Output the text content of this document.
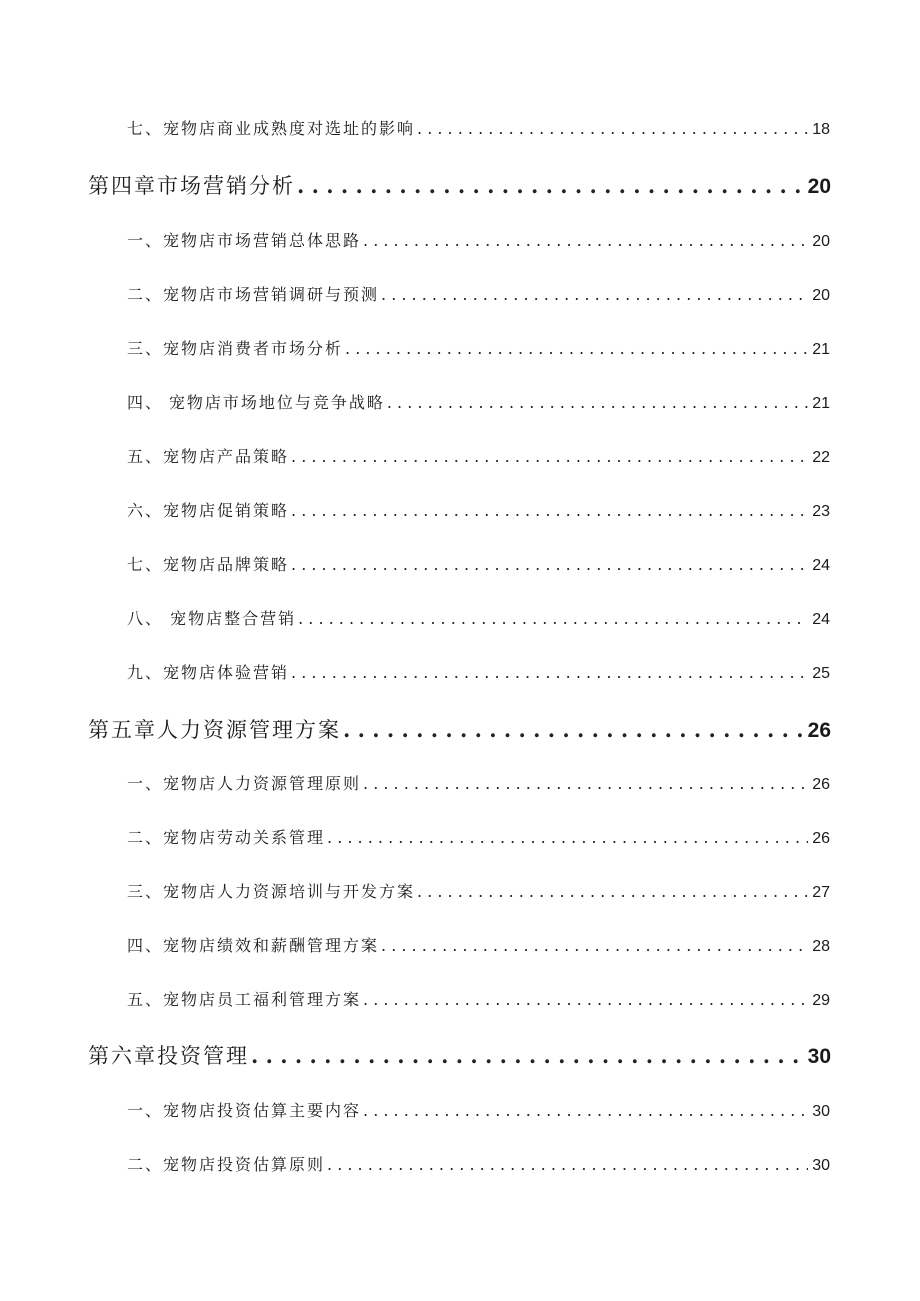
七、 宠物店商业成熟度对选址的影响 . . .	18
第四章市场营销分析 . . .	20
一、 宠物店市场营销总体思路 . . .	20
二、 宠物店市场营销调研与预测 . . .	20
三、 宠物店消费者市场分析 . . .	21
四、 宠物店市场地位与竞争战略 . . .	21
五、 宠物店产品策略 . . .	22
六、 宠物店促销策略 . . .	23
七、 宠物店品牌策略 . . .	24
八、 宠物店整合营销 . . .	24
九、 宠物店体验营销 . . .	25
第五章人力资源管理方案 . . .	26
一、 宠物店人力资源管理原则 . . .	26
二、 宠物店劳动关系管理 . . .	26
三、 宠物店人力资源培训与开发方案 . . .	27
四、 宠物店绩效和薪酬管理方案 . . .	28
五、 宠物店员工福利管理方案 . . .	29
第六章投资管理 . . .	30
一、 宠物店投资估算主要内容 . . .	30
二、 宠物店投资估算原则 . . .	30
